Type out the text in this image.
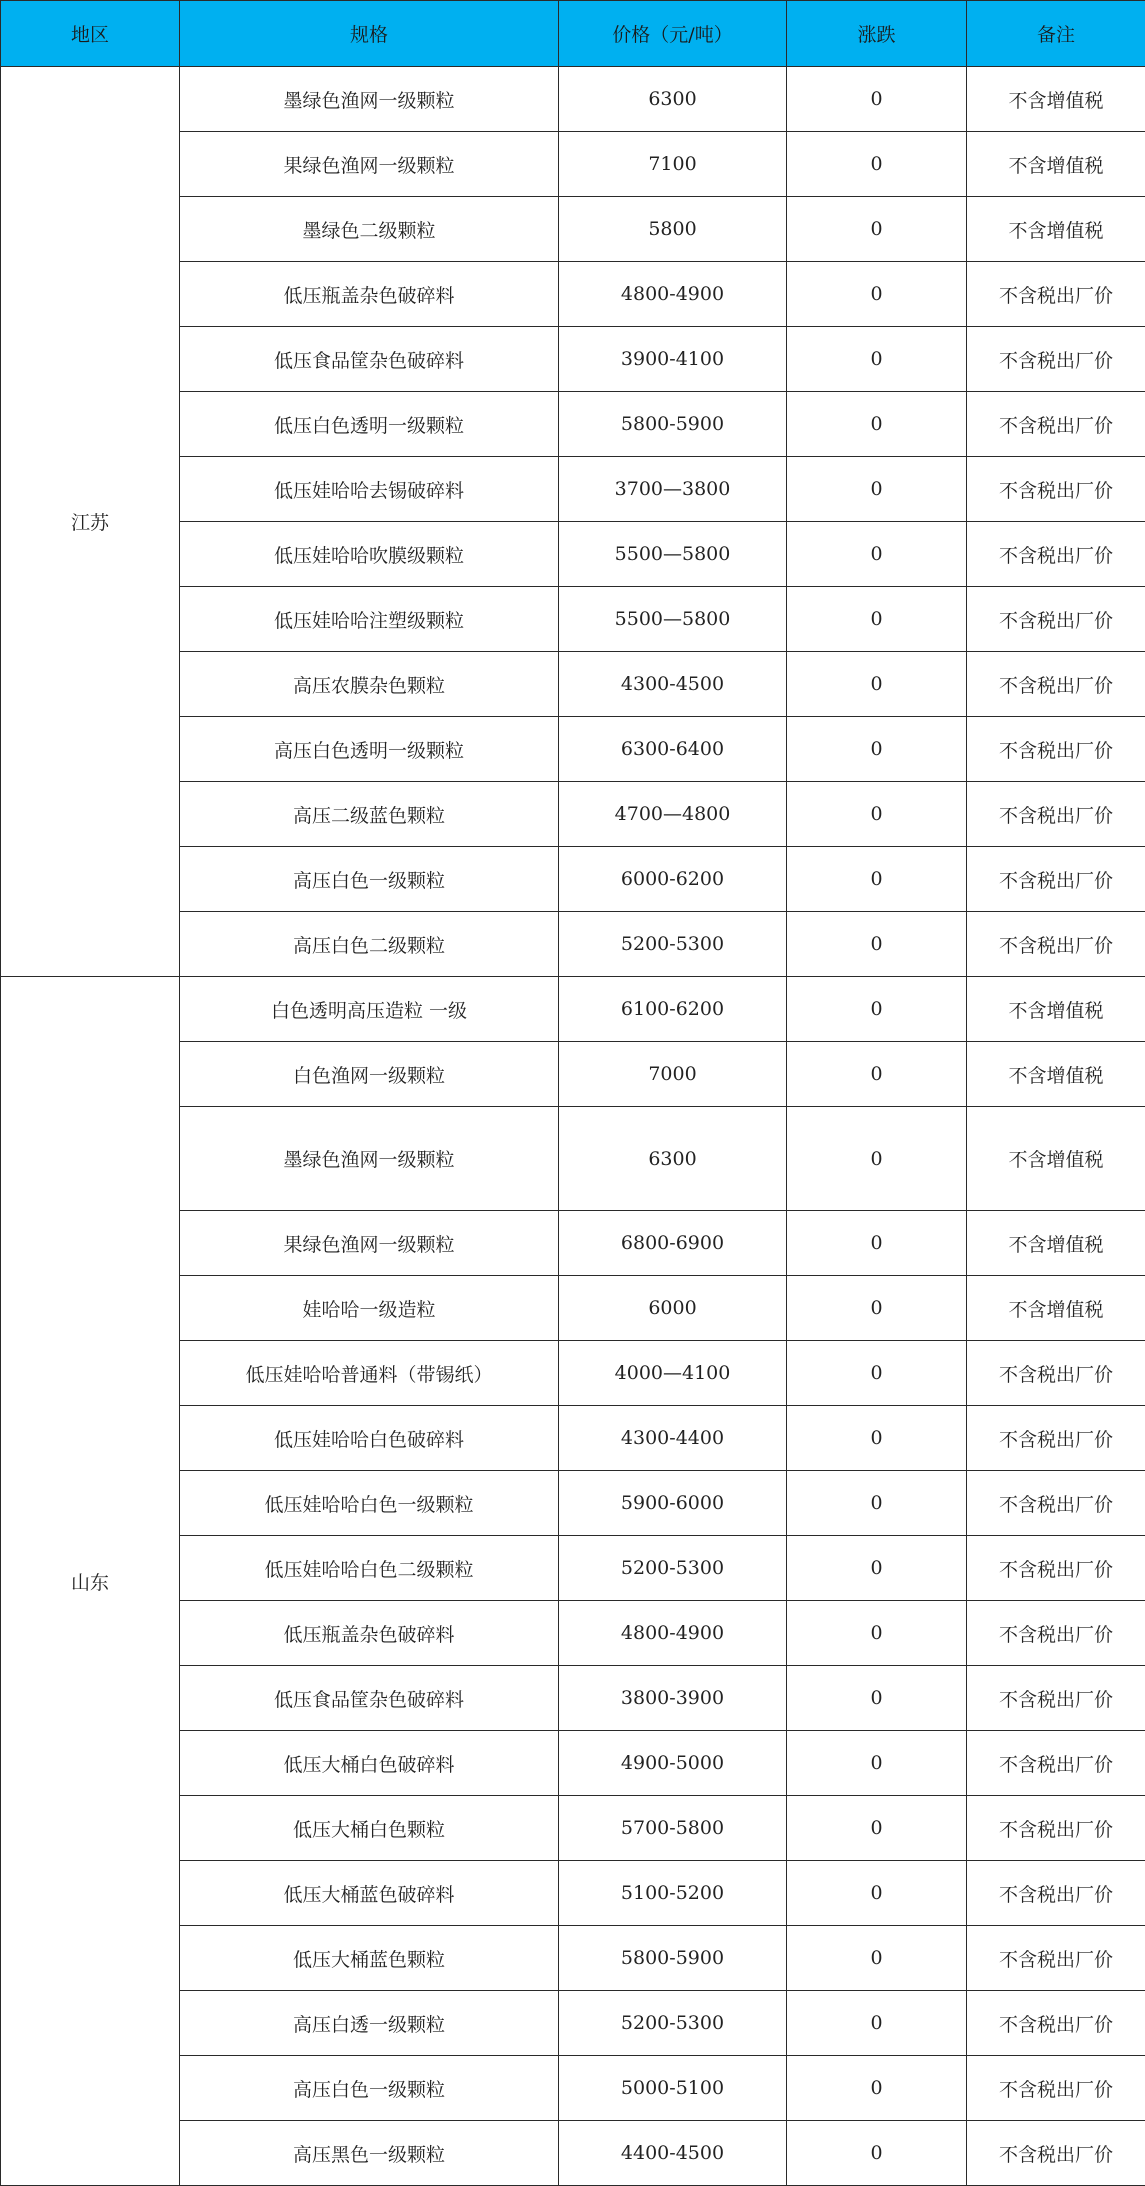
地区	规格	价格（元/吨）	涨跌	备注
江苏	墨绿色渔网一级颗粒	6300	0	不含增值税
	果绿色渔网一级颗粒	7100	0	不含增值税
	墨绿色二级颗粒	5800	0	不含增值税
	低压瓶盖杂色破碎料	4800-4900	0	不含税出厂价
	低压食品筐杂色破碎料	3900-4100	0	不含税出厂价
	低压白色透明一级颗粒	5800-5900	0	不含税出厂价
	低压娃哈哈去锡破碎料	3700—3800	0	不含税出厂价
	低压娃哈哈吹膜级颗粒	5500—5800	0	不含税出厂价
	低压娃哈哈注塑级颗粒	5500—5800	0	不含税出厂价
	高压农膜杂色颗粒	4300-4500	0	不含税出厂价
	高压白色透明一级颗粒	6300-6400	0	不含税出厂价
	高压二级蓝色颗粒	4700—4800	0	不含税出厂价
	高压白色一级颗粒	6000-6200	0	不含税出厂价
	高压白色二级颗粒	5200-5300	0	不含税出厂价
山东	白色透明高压造粒 一级	6100-6200	0	不含增值税
	白色渔网一级颗粒	7000	0	不含增值税
	墨绿色渔网一级颗粒	6300	0	不含增值税
	果绿色渔网一级颗粒	6800-6900	0	不含增值税
	娃哈哈一级造粒	6000	0	不含增值税
	低压娃哈哈普通料（带锡纸）	4000—4100	0	不含税出厂价
	低压娃哈哈白色破碎料	4300-4400	0	不含税出厂价
	低压娃哈哈白色一级颗粒	5900-6000	0	不含税出厂价
	低压娃哈哈白色二级颗粒	5200-5300	0	不含税出厂价
	低压瓶盖杂色破碎料	4800-4900	0	不含税出厂价
	低压食品筐杂色破碎料	3800-3900	0	不含税出厂价
	低压大桶白色破碎料	4900-5000	0	不含税出厂价
	低压大桶白色颗粒	5700-5800	0	不含税出厂价
	低压大桶蓝色破碎料	5100-5200	0	不含税出厂价
	低压大桶蓝色颗粒	5800-5900	0	不含税出厂价
	高压白透一级颗粒	5200-5300	0	不含税出厂价
	高压白色一级颗粒	5000-5100	0	不含税出厂价
	高压黑色一级颗粒	4400-4500	0	不含税出厂价
